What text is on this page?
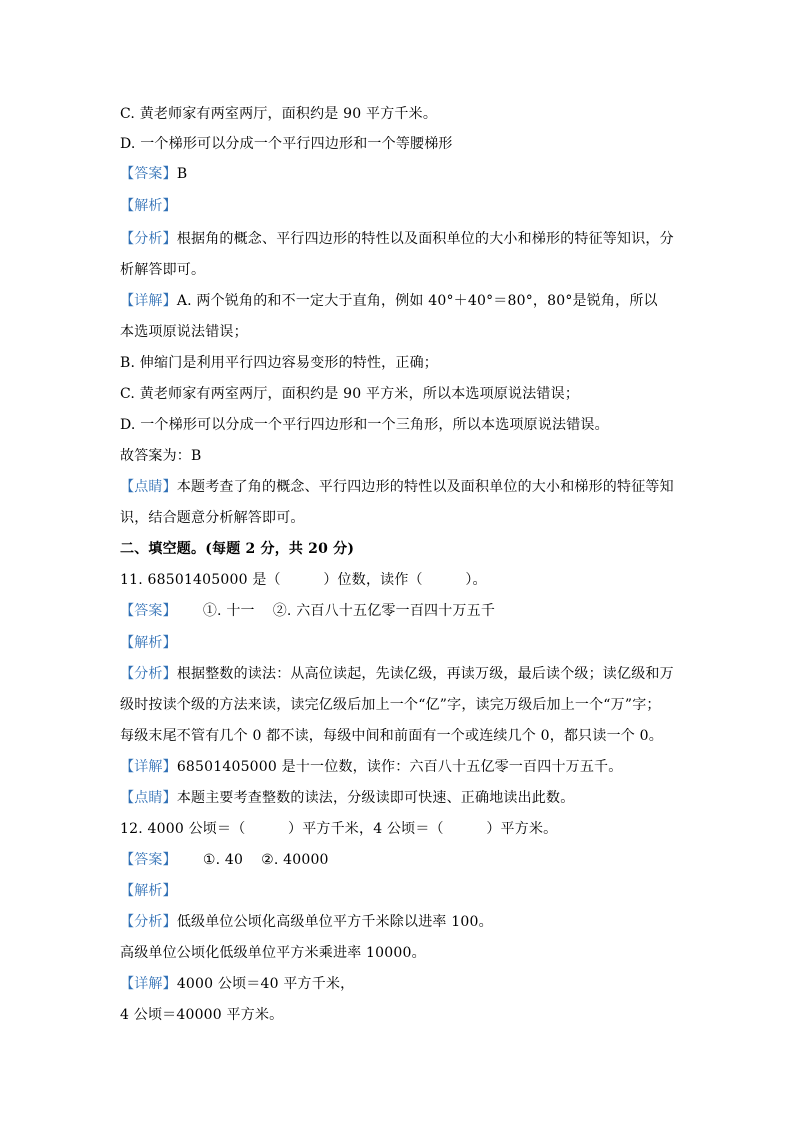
C. 黄老师家有两室两厅，面积约是 90 平方千米。
D. 一个梯形可以分成一个平行四边形和一个等腰梯形
【答案】B
【解析】
【分析】根据角的概念、平行四边形的特性以及面积单位的大小和梯形的特征等知识，分
析解答即可。
【详解】A. 两个锐角的和不一定大于直角，例如 40°＋40°＝80°，80°是锐角，所以
本选项原说法错误；
B. 伸缩门是利用平行四边容易变形的特性，正确；
C. 黄老师家有两室两厅，面积约是 90 平方米，所以本选项原说法错误；
D. 一个梯形可以分成一个平行四边形和一个三角形，所以本选项原说法错误。
故答案为：B
【点睛】本题考查了角的概念、平行四边形的特性以及面积单位的大小和梯形的特征等知
识，结合题意分析解答即可。
二、填空题。(每题 2 分，共 20 分)
11. 68501405000 是（　　　）位数，读作（　　　）。
【答案】 ①. 十一 ②. 六百八十五亿零一百四十万五千
【解析】
【分析】根据整数的读法：从高位读起，先读亿级，再读万级，最后读个级；读亿级和万
级时按读个级的方法来读，读完亿级后加上一个“亿”字，读完万级后加上一个“万”字；
每级末尾不管有几个 0 都不读，每级中间和前面有一个或连续几个 0，都只读一个 0。
【详解】68501405000 是十一位数，读作：六百八十五亿零一百四十万五千。
【点睛】本题主要考查整数的读法，分级读即可快速、正确地读出此数。
12. 4000 公顷＝（　　　）平方千米，4 公顷＝（　　　）平方米。
【答案】 ①. 40 ②. 40000
【解析】
【分析】低级单位公顷化高级单位平方千米除以进率 100。
高级单位公顷化低级单位平方米乘进率 10000。
【详解】4000 公顷＝40 平方千米，
4 公顷＝40000 平方米。
